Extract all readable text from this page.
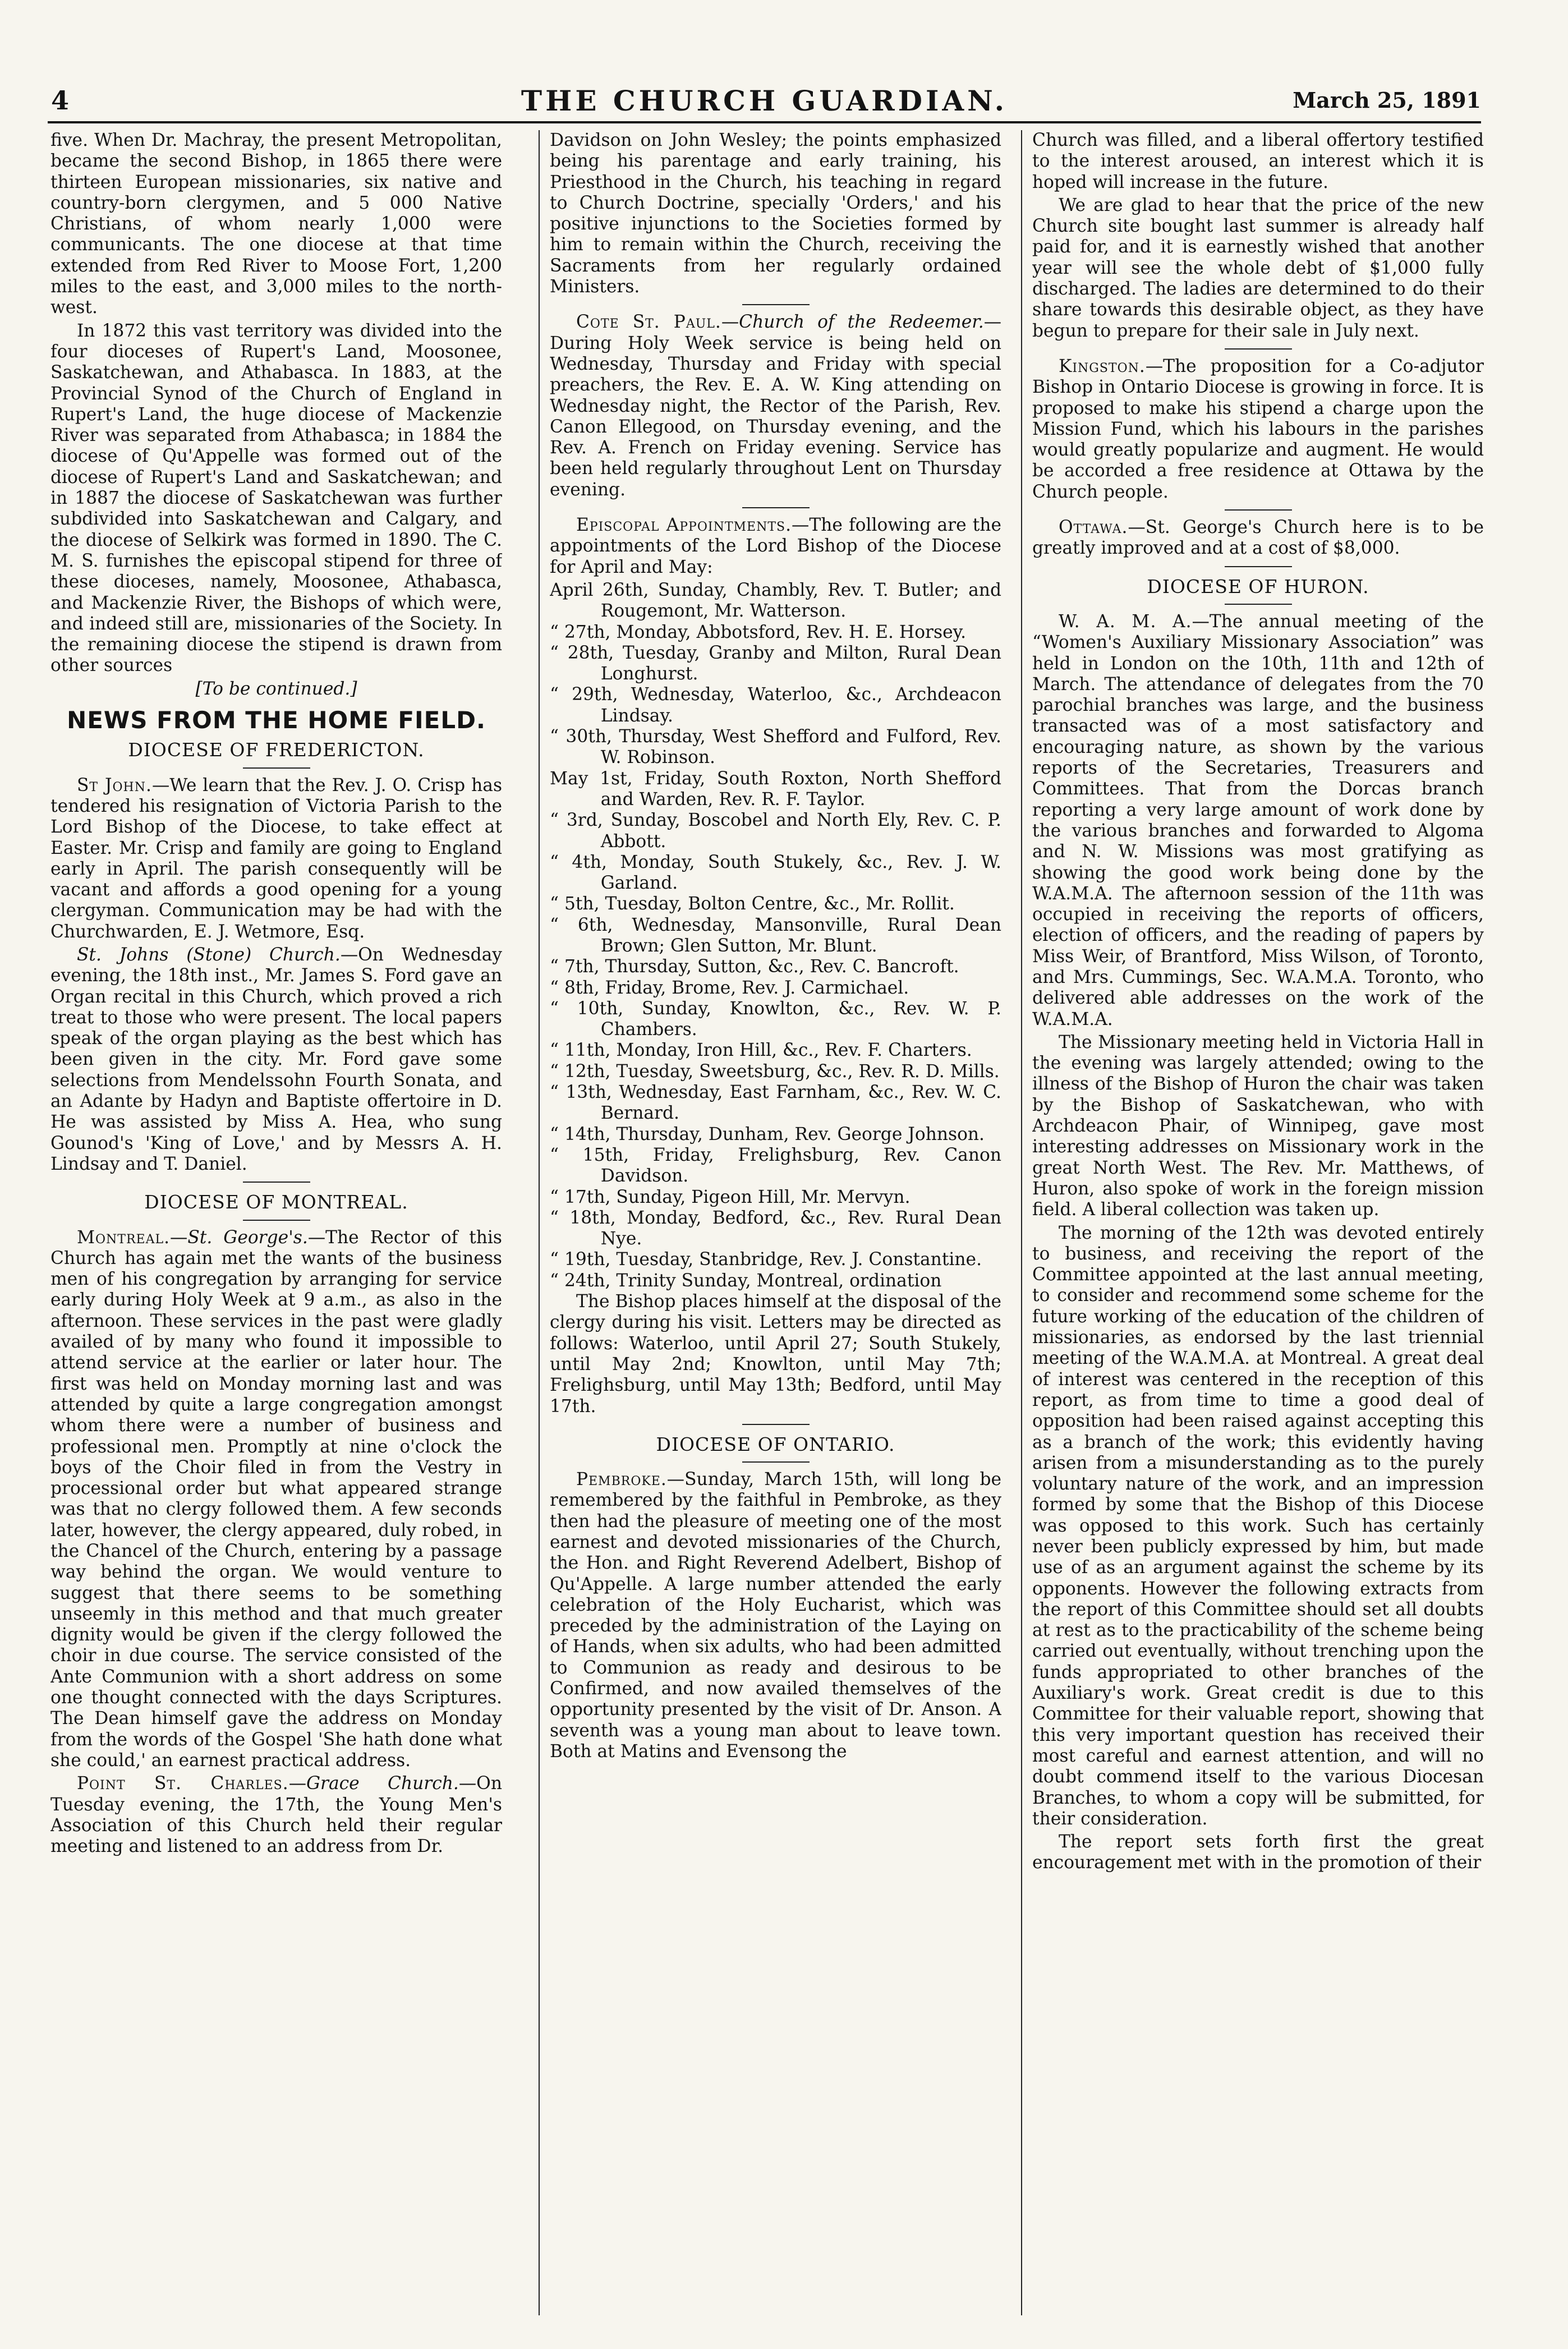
4	THE CHURCH GUARDIAN.	March 25, 1891

five. When Dr. Machray, the present Metropolitan, became the second Bishop, in 1865 there were thirteen European missionaries, six native and country-born clergymen, and 5 000 Native Christians, of whom nearly 1,000 were communicants. The one diocese at that time extended from Red River to Moose Fort, 1,200 miles to the east, and 3,000 miles to the north-west.

In 1872 this vast territory was divided into the four dioceses of Rupert's Land, Moosonee, Saskatchewan, and Athabasca. In 1883, at the Provincial Synod of the Church of England in Rupert's Land, the huge diocese of Mackenzie River was separated from Athabasca; in 1884 the diocese of Qu'Appelle was formed out of the diocese of Rupert's Land and Saskatchewan; and in 1887 the diocese of Saskatchewan was further subdivided into Saskatchewan and Calgary, and the diocese of Selkirk was formed in 1890. The C. M. S. furnishes the episcopal stipend for three of these dioceses, namely, Moosonee, Athabasca, and Mackenzie River, the Bishops of which were, and indeed still are, missionaries of the Society. In the remaining diocese the stipend is drawn from other sources

[To be continued.]
NEWS FROM THE HOME FIELD.
DIOCESE OF FREDERICTON.

St John.—We learn that the Rev. J. O. Crisp has tendered his resignation of Victoria Parish to the Lord Bishop of the Diocese, to take effect at Easter. Mr. Crisp and family are going to England early in April. The parish consequently will be vacant and affords a good opening for a young clergyman. Communication may be had with the Churchwarden, E. J. Wetmore, Esq.

St. Johns (Stone) Church.—On Wednesday evening, the 18th inst., Mr. James S. Ford gave an Organ recital in this Church, which proved a rich treat to those who were present. The local papers speak of the organ playing as the best which has been given in the city. Mr. Ford gave some selections from Mendelssohn Fourth Sonata, and an Adante by Hadyn and Baptiste offertoire in D. He was assisted by Miss A. Hea, who sung Gounod's 'King of Love,' and by Messrs A. H. Lindsay and T. Daniel.

DIOCESE OF MONTREAL.

Montreal.—St. George's.—The Rector of this Church has again met the wants of the business men of his congregation by arranging for service early during Holy Week at 9 a.m., as also in the afternoon. These services in the past were gladly availed of by many who found it impossible to attend service at the earlier or later hour. The first was held on Monday morning last and was attended by quite a large congregation amongst whom there were a number of business and professional men. Promptly at nine o'clock the boys of the Choir filed in from the Vestry in processional order but what appeared strange was that no clergy followed them. A few seconds later, however, the clergy appeared, duly robed, in the Chancel of the Church, entering by a passage way behind the organ. We would venture to suggest that there seems to be something unseemly in this method and that much greater dignity would be given if the clergy followed the choir in due course. The service consisted of the Ante Communion with a short address on some one thought connected with the days Scriptures. The Dean himself gave the address on Monday from the words of the Gospel 'She hath done what she could,' an earnest practical address.

Point St. Charles.—Grace Church.—On Tuesday evening, the 17th, the Young Men's Association of this Church held their regular meeting and listened to an address from Dr.

Davidson on John Wesley; the points emphasized being his parentage and early training, his Priesthood in the Church, his teaching in regard to Church Doctrine, specially 'Orders,' and his positive injunctions to the Societies formed by him to remain within the Church, receiving the Sacraments from her regularly ordained Ministers.

Cote St. Paul.—Church of the Redeemer.—During Holy Week service is being held on Wednesday, Thursday and Friday with special preachers, the Rev. E. A. W. King attending on Wednesday night, the Rector of the Parish, Rev. Canon Ellegood, on Thursday evening, and the Rev. A. French on Friday evening. Service has been held regularly throughout Lent on Thursday evening.

Episcopal Appointments.—The following are the appointments of the Lord Bishop of the Diocese for April and May:

April 26th, Sunday, Chambly, Rev. T. Butler; and Rougemont, Mr. Watterson.

“ 27th, Monday, Abbotsford, Rev. H. E. Horsey.

“ 28th, Tuesday, Granby and Milton, Rural Dean Longhurst.

“ 29th, Wednesday, Waterloo, &c., Archdeacon Lindsay.

“ 30th, Thursday, West Shefford and Fulford, Rev. W. Robinson.

May 1st, Friday, South Roxton, North Shefford and Warden, Rev. R. F. Taylor.

“ 3rd, Sunday, Boscobel and North Ely, Rev. C. P. Abbott.

“ 4th, Monday, South Stukely, &c., Rev. J. W. Garland.

“ 5th, Tuesday, Bolton Centre, &c., Mr. Rollit.

“ 6th, Wednesday, Mansonville, Rural Dean Brown; Glen Sutton, Mr. Blunt.

“ 7th, Thursday, Sutton, &c., Rev. C. Bancroft.

“ 8th, Friday, Brome, Rev. J. Carmichael.

“ 10th, Sunday, Knowlton, &c., Rev. W. P. Chambers.

“ 11th, Monday, Iron Hill, &c., Rev. F. Charters.

“ 12th, Tuesday, Sweetsburg, &c., Rev. R. D. Mills.

“ 13th, Wednesday, East Farnham, &c., Rev. W. C. Bernard.

“ 14th, Thursday, Dunham, Rev. George Johnson.

“ 15th, Friday, Frelighsburg, Rev. Canon Davidson.

“ 17th, Sunday, Pigeon Hill, Mr. Mervyn.

“ 18th, Monday, Bedford, &c., Rev. Rural Dean Nye.

“ 19th, Tuesday, Stanbridge, Rev. J. Constantine.

“ 24th, Trinity Sunday, Montreal, ordination

The Bishop places himself at the disposal of the clergy during his visit. Letters may be directed as follows: Waterloo, until April 27; South Stukely, until May 2nd; Knowlton, until May 7th; Frelighsburg, until May 13th; Bedford, until May 17th.

DIOCESE OF ONTARIO.

Pembroke.—Sunday, March 15th, will long be remembered by the faithful in Pembroke, as they then had the pleasure of meeting one of the most earnest and devoted missionaries of the Church, the Hon. and Right Reverend Adelbert, Bishop of Qu'Appelle. A large number attended the early celebration of the Holy Eucharist, which was preceded by the administration of the Laying on of Hands, when six adults, who had been admitted to Communion as ready and desirous to be Confirmed, and now availed themselves of the opportunity presented by the visit of Dr. Anson. A seventh was a young man about to leave town. Both at Matins and Evensong the

Church was filled, and a liberal offertory testified to the interest aroused, an interest which it is hoped will increase in the future.

We are glad to hear that the price of the new Church site bought last summer is already half paid for, and it is earnestly wished that another year will see the whole debt of $1,000 fully discharged. The ladies are determined to do their share towards this desirable object, as they have begun to prepare for their sale in July next.

Kingston.—The proposition for a Co-adjutor Bishop in Ontario Diocese is growing in force. It is proposed to make his stipend a charge upon the Mission Fund, which his labours in the parishes would greatly popularize and augment. He would be accorded a free residence at Ottawa by the Church people.

Ottawa.—St. George's Church here is to be greatly improved and at a cost of $8,000.

DIOCESE OF HURON.

W. A. M. A.—The annual meeting of the “Women's Auxiliary Missionary Association” was held in London on the 10th, 11th and 12th of March. The attendance of delegates from the 70 parochial branches was large, and the business transacted was of a most satisfactory and encouraging nature, as shown by the various reports of the Secretaries, Treasurers and Committees. That from the Dorcas branch reporting a very large amount of work done by the various branches and forwarded to Algoma and N. W. Missions was most gratifying as showing the good work being done by the W.A.M.A. The afternoon session of the 11th was occupied in receiving the reports of officers, election of officers, and the reading of papers by Miss Weir, of Brantford, Miss Wilson, of Toronto, and Mrs. Cummings, Sec. W.A.M.A. Toronto, who delivered able addresses on the work of the W.A.M.A.

The Missionary meeting held in Victoria Hall in the evening was largely attended; owing to the illness of the Bishop of Huron the chair was taken by the Bishop of Saskatchewan, who with Archdeacon Phair, of Winnipeg, gave most interesting addresses on Missionary work in the great North West. The Rev. Mr. Matthews, of Huron, also spoke of work in the foreign mission field. A liberal collection was taken up.

The morning of the 12th was devoted entirely to business, and receiving the report of the Committee appointed at the last annual meeting, to consider and recommend some scheme for the future working of the education of the children of missionaries, as endorsed by the last triennial meeting of the W.A.M.A. at Montreal. A great deal of interest was centered in the reception of this report, as from time to time a good deal of opposition had been raised against accepting this as a branch of the work; this evidently having arisen from a misunderstanding as to the purely voluntary nature of the work, and an impression formed by some that the Bishop of this Diocese was opposed to this work. Such has certainly never been publicly expressed by him, but made use of as an argument against the scheme by its opponents. However the following extracts from the report of this Committee should set all doubts at rest as to the practicability of the scheme being carried out eventually, without trenching upon the funds appropriated to other branches of the Auxiliary's work. Great credit is due to this Committee for their valuable report, showing that this very important question has received their most careful and earnest attention, and will no doubt commend itself to the various Diocesan Branches, to whom a copy will be submitted, for their consideration.

The report sets forth first the great encouragement met with in the promotion of their
